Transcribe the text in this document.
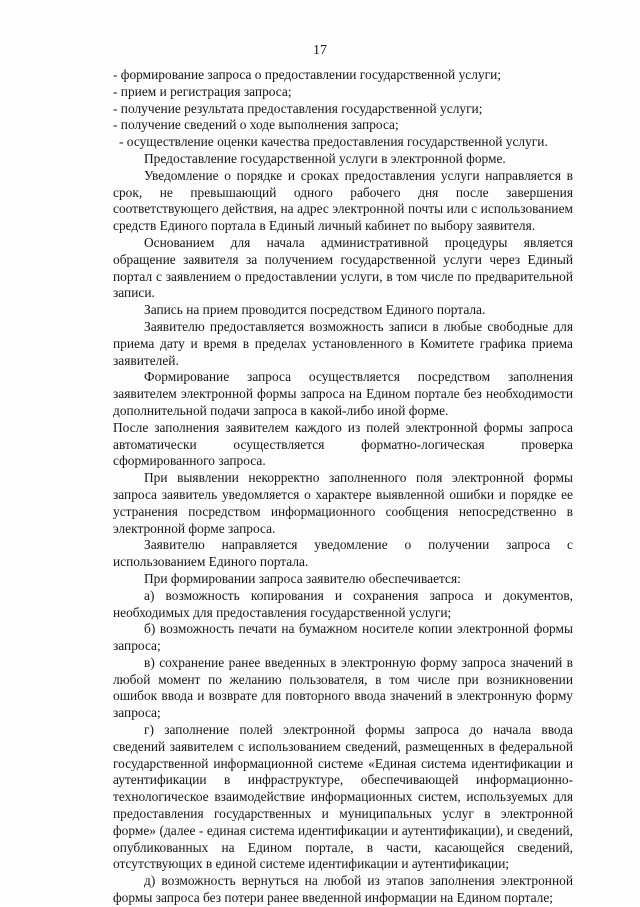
17

- формирование запроса о предоставлении государственной услуги;

- прием и регистрация запроса;

- получение результата предоставления государственной услуги;

- получение сведений о ходе выполнения запроса;

- осуществление оценки качества предоставления государственной услуги.

Предоставление государственной услуги в электронной форме.

Уведомление о порядке и сроках предоставления услуги направляется в срок, не превышающий одного рабочего дня после завершения соответствующего действия, на адрес электронной почты или с использованием средств Единого портала в Единый личный кабинет по выбору заявителя.

Основанием для начала административной процедуры является обращение заявителя за получением государственной услуги через Единый портал с заявлением о предоставлении услуги, в том числе по предварительной записи.

Запись на прием проводится посредством Единого портала.

Заявителю предоставляется возможность записи в любые свободные для приема дату и время в пределах установленного в Комитете графика приема заявителей.

Формирование запроса осуществляется посредством заполнения заявителем электронной формы запроса на Едином портале без необходимости дополнительной подачи запроса в какой-либо иной форме.

После заполнения заявителем каждого из полей электронной формы запроса автоматически осуществляется форматно-логическая проверка сформированного запроса.

При выявлении некорректно заполненного поля электронной формы запроса заявитель уведомляется о характере выявленной ошибки и порядке ее устранения посредством информационного сообщения непосредственно в электронной форме запроса.

Заявителю направляется уведомление о получении запроса с использованием Единого портала.

При формировании запроса заявителю обеспечивается:

а) возможность копирования и сохранения запроса и документов, необходимых для предоставления государственной услуги;

б) возможность печати на бумажном носителе копии электронной формы запроса;

в) сохранение ранее введенных в электронную форму запроса значений в любой момент по желанию пользователя, в том числе при возникновении ошибок ввода и возврате для повторного ввода значений в электронную форму запроса;

г) заполнение полей электронной формы запроса до начала ввода сведений заявителем с использованием сведений, размещенных в федеральной государственной информационной системе «Единая система идентификации и аутентификации в инфраструктуре, обеспечивающей информационно-технологическое взаимодействие информационных систем, используемых для предоставления государственных и муниципальных услуг в электронной форме» (далее - единая система идентификации и аутентификации), и сведений, опубликованных на Едином портале, в части, касающейся сведений, отсутствующих в единой системе идентификации и аутентификации;

д) возможность вернуться на любой из этапов заполнения электронной формы запроса без потери ранее введенной информации на Едином портале;
